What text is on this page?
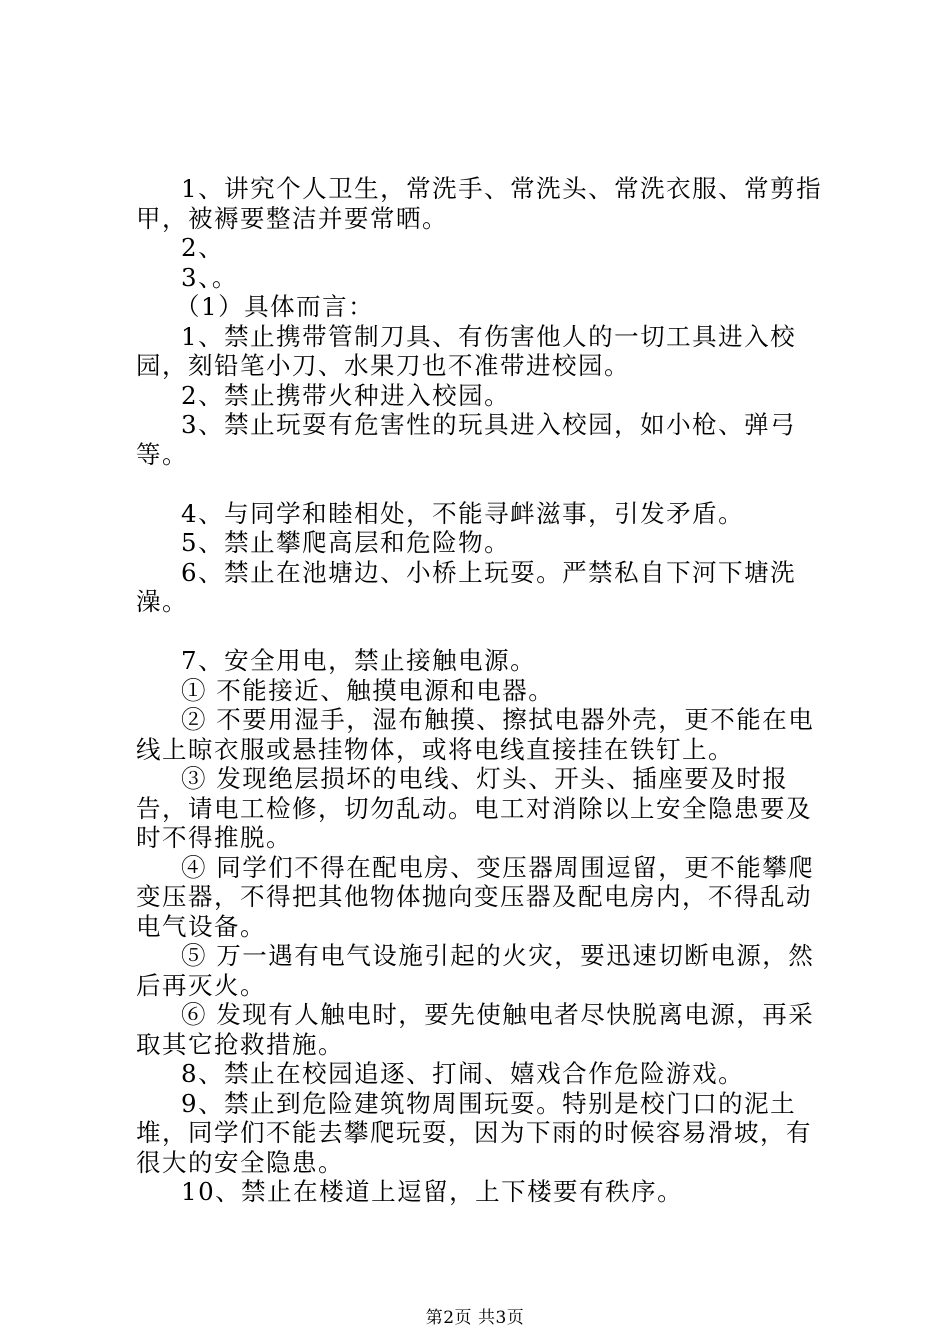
1、讲究个人卫生，常洗手、常洗头、常洗衣服、常剪指甲，被褥要整洁并要常晒。

2、

3、。

（1）具体而言：

1、禁止携带管制刀具、有伤害他人的一切工具进入校园，刻铅笔小刀、水果刀也不准带进校园。

2、禁止携带火种进入校园。

3、禁止玩耍有危害性的玩具进入校园，如小枪、弹弓等。

4、与同学和睦相处，不能寻衅滋事，引发矛盾。

5、禁止攀爬高层和危险物。

6、禁止在池塘边、小桥上玩耍。严禁私自下河下塘洗澡。

7、安全用电，禁止接触电源。

① 不能接近、触摸电源和电器。

② 不要用湿手，湿布触摸、擦拭电器外壳，更不能在电线上晾衣服或悬挂物体，或将电线直接挂在铁钉上。

③ 发现绝层损坏的电线、灯头、开头、插座要及时报告，请电工检修，切勿乱动。电工对消除以上安全隐患要及时不得推脱。

④ 同学们不得在配电房、变压器周围逗留，更不能攀爬变压器，不得把其他物体抛向变压器及配电房内，不得乱动电气设备。

⑤ 万一遇有电气设施引起的火灾，要迅速切断电源，然后再灭火。

⑥ 发现有人触电时，要先使触电者尽快脱离电源，再采取其它抢救措施。

8、禁止在校园追逐、打闹、嬉戏合作危险游戏。

9、禁止到危险建筑物周围玩耍。特别是校门口的泥土堆，同学们不能去攀爬玩耍，因为下雨的时候容易滑坡，有很大的安全隐患。

10、禁止在楼道上逗留，上下楼要有秩序。

第2页 共3页
